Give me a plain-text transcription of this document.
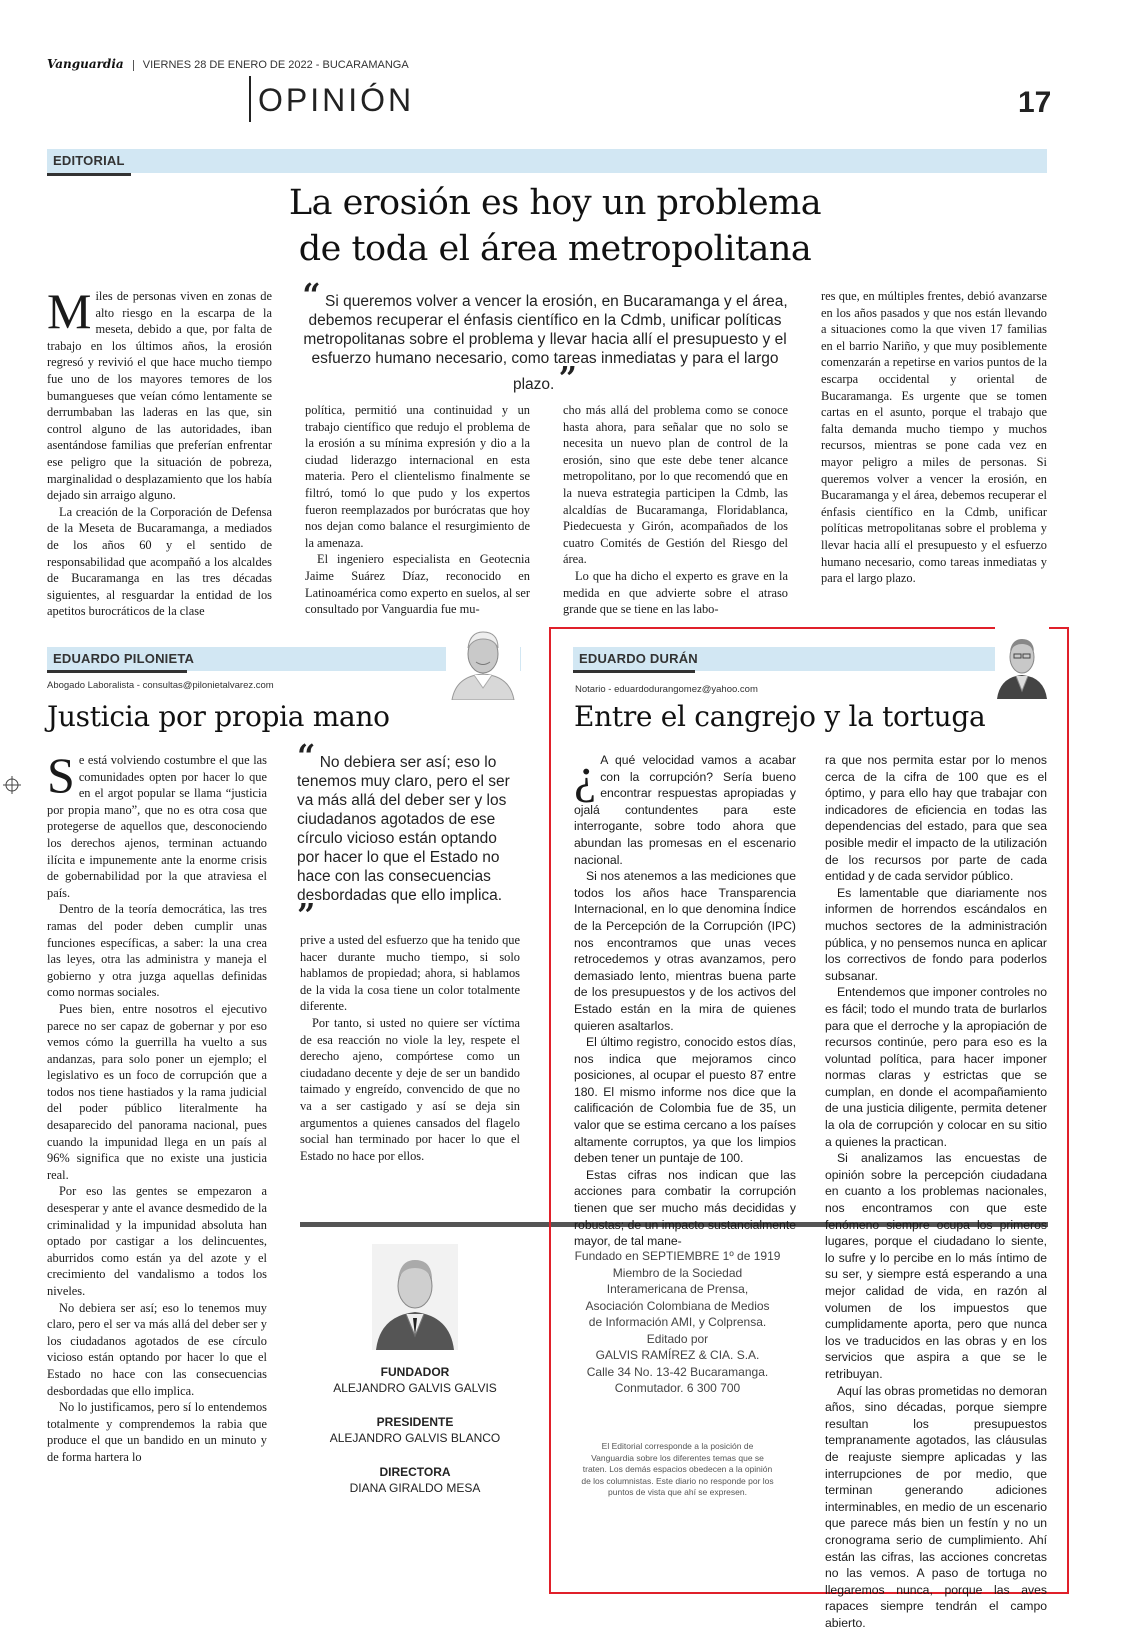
Vanguardia VIERNES 28 DE ENERO DE 2022 - BUCARAMANGA
OPINIÓN	17
EDITORIAL
La erosión es hoy un problema
de toda el área metropolitana

Miles de personas viven en zonas de alto riesgo en la escarpa de la meseta, debido a que, por falta de trabajo en los últimos años, la erosión regresó y revivió el que hace mucho tiempo fue uno de los mayores temores de los bumangueses que veían cómo lentamente se derrumbaban las laderas en las que, sin control alguno de las autoridades, iban asentándose familias que preferían enfrentar ese peligro que la situación de pobreza, marginalidad o desplazamiento que los había dejado sin arraigo alguno.

La creación de la Corporación de Defensa de la Meseta de Bucaramanga, a mediados de los años 60 y el sentido de responsabilidad que acompañó a los alcaldes de Bucaramanga en las tres décadas siguientes, al resguardar la entidad de los apetitos burocráticos de la clase

“ Si queremos volver a vencer la erosión, en Bucaramanga y el área, debemos recuperar el énfasis científico en la Cdmb, unificar políticas metropolitanas sobre el problema y llevar hacia allí el presupuesto y el esfuerzo humano necesario, como tareas inmediatas y para el largo plazo. ”

política, permitió una continuidad y un trabajo científico que redujo el problema de la erosión a su mínima expresión y dio a la ciudad liderazgo internacional en esta materia. Pero el clientelismo finalmente se filtró, tomó lo que pudo y los expertos fueron reemplazados por burócratas que hoy nos dejan como balance el resurgimiento de la amenaza.

El ingeniero especialista en Geotecnia Jaime Suárez Díaz, reconocido en Latinoamérica como experto en suelos, al ser consultado por Vanguardia fue mu-

cho más allá del problema como se conoce hasta ahora, para señalar que no solo se necesita un nuevo plan de control de la erosión, sino que este debe tener alcance metropolitano, por lo que recomendó que en la nueva estrategia participen la Cdmb, las alcaldías de Bucaramanga, Floridablanca, Piedecuesta y Girón, acompañados de los cuatro Comités de Gestión del Riesgo del área.

Lo que ha dicho el experto es grave en la medida en que advierte sobre el atraso grande que se tiene en las labo-

res que, en múltiples frentes, debió avanzarse en los años pasados y que nos están llevando a situaciones como la que viven 17 familias en el barrio Nariño, y que muy posiblemente comenzarán a repetirse en varios puntos de la escarpa occidental y oriental de Bucaramanga. Es urgente que se tomen cartas en el asunto, porque el trabajo que falta demanda mucho tiempo y muchos recursos, mientras se pone cada vez en mayor peligro a miles de personas. Si queremos volver a vencer la erosión, en Bucaramanga y el área, debemos recuperar el énfasis científico en la Cdmb, unificar políticas metropolitanas sobre el problema y llevar hacia allí el presupuesto y el esfuerzo humano necesario, como tareas inmediatas y para el largo plazo.

EDUARDO PILONIETA
Abogado Laboralista - consultas@pilonietalvarez.com
Justicia por propia mano

Se está volviendo costumbre el que las comunidades opten por hacer lo que en el argot popular se llama “justicia por propia mano”, que no es otra cosa que protegerse de aquellos que, desconociendo los derechos ajenos, terminan actuando ilícita e impunemente ante la enorme crisis de gobernabilidad por la que atraviesa el país.

Dentro de la teoría democrática, las tres ramas del poder deben cumplir unas funciones específicas, a saber: la una crea las leyes, otra las administra y maneja el gobierno y otra juzga aquellas definidas como normas sociales.

Pues bien, entre nosotros el ejecutivo parece no ser capaz de gobernar y por eso vemos cómo la guerrilla ha vuelto a sus andanzas, para solo poner un ejemplo; el legislativo es un foco de corrupción que a todos nos tiene hastiados y la rama judicial del poder público literalmente ha desaparecido del panorama nacional, pues cuando la impunidad llega en un país al 96% significa que no existe una justicia real.

Por eso las gentes se empezaron a desesperar y ante el avance desmedido de la criminalidad y la impunidad absoluta han optado por castigar a los delincuentes, aburridos como están ya del azote y el crecimiento del vandalismo a todos los niveles.

No debiera ser así; eso lo tenemos muy claro, pero el ser va más allá del deber ser y los ciudadanos agotados de ese círculo vicioso están optando por hacer lo que el Estado no hace con las consecuencias desbordadas que ello implica.

No lo justificamos, pero sí lo entendemos totalmente y comprendemos la rabia que produce el que un bandido en un minuto y de forma hartera lo

“ No debiera ser así; eso lo tenemos muy claro, pero el ser va más allá del deber ser y los ciudadanos agotados de ese círculo vicioso están optando por hacer lo que el Estado no hace con las consecuencias desbordadas que ello implica. ”

prive a usted del esfuerzo que ha tenido que hacer durante mucho tiempo, si solo hablamos de propiedad; ahora, si hablamos de la vida la cosa tiene un color totalmente diferente.

Por tanto, si usted no quiere ser víctima de esa reacción no viole la ley, respete el derecho ajeno, compórtese como un ciudadano decente y deje de ser un bandido taimado y engreído, convencido de que no va a ser castigado y así se deja sin argumentos a quienes cansados del flagelo social han terminado por hacer lo que el Estado no hace por ellos.

FUNDADOR
ALEJANDRO GALVIS GALVIS
PRESIDENTE
ALEJANDRO GALVIS BLANCO
DIRECTORA
DIANA GIRALDO MESA
Fundado en SEPTIEMBRE 1º de 1919
Miembro de la Sociedad
Interamericana de Prensa,
Asociación Colombiana de Medios
de Información AMI, y Colprensa.
Editado por
GALVIS RAMÍREZ & CIA. S.A.
Calle 34 No. 13-42 Bucaramanga.
Conmutador. 6 300 700
El Editorial corresponde a la posición de Vanguardia sobre los diferentes temas que se traten. Los demás espacios obedecen a la opinión de los columnistas. Este diario no responde por los puntos de vista que ahí se expresen.
EDUARDO DURÁN
Notario - eduardodurangomez@yahoo.com
Entre el cangrejo y la tortuga

¿ A qué velocidad vamos a acabar con la corrupción? Sería bueno encontrar respuestas apropiadas y ojalá contundentes para este interrogante, sobre todo ahora que abundan las promesas en el escenario nacional.

Si nos atenemos a las mediciones que todos los años hace Transparencia Internacional, en lo que denomina Índice de la Percepción de la Corrupción (IPC) nos encontramos que unas veces retrocedemos y otras avanzamos, pero demasiado lento, mientras buena parte de los presupuestos y de los activos del Estado están en la mira de quienes quieren asaltarlos.

El último registro, conocido estos días, nos indica que mejoramos cinco posiciones, al ocupar el puesto 87 entre 180. El mismo informe nos dice que la calificación de Colombia fue de 35, un valor que se estima cercano a los países altamente corruptos, ya que los limpios deben tener un puntaje de 100.

Estas cifras nos indican que las acciones para combatir la corrupción tienen que ser mucho más decididas y robustas; de un impacto sustancialmente mayor, de tal mane-

ra que nos permita estar por lo menos cerca de la cifra de 100 que es el óptimo, y para ello hay que trabajar con indicadores de eficiencia en todas las dependencias del estado, para que sea posible medir el impacto de la utilización de los recursos por parte de cada entidad y de cada servidor público.

Es lamentable que diariamente nos informen de horrendos escándalos en muchos sectores de la administración pública, y no pensemos nunca en aplicar los correctivos de fondo para poderlos subsanar.

Entendemos que imponer controles no es fácil; todo el mundo trata de burlarlos para que el derroche y la apropiación de recursos continúe, pero para eso es la voluntad política, para hacer imponer normas claras y estrictas que se cumplan, en donde el acompañamiento de una justicia diligente, permita detener la ola de corrupción y colocar en su sitio a quienes la practican.

Si analizamos las encuestas de opinión sobre la percepción ciudadana en cuanto a los problemas nacionales, nos encontramos con que este fenómeno siempre ocupa los primeros lugares, porque el ciudadano lo siente, lo sufre y lo percibe en lo más íntimo de su ser, y siempre está esperando a una mejor calidad de vida, en razón al volumen de los impuestos que cumplidamente aporta, pero que nunca los ve traducidos en las obras y en los servicios que aspira a que se le retribuyan.

Aquí las obras prometidas no demoran años, sino décadas, porque siempre resultan los presupuestos tempranamente agotados, las cláusulas de reajuste siempre aplicadas y las interrupciones de por medio, que terminan generando adiciones interminables, en medio de un escenario que parece más bien un festín y no un cronograma serio de cumplimiento. Ahí están las cifras, las acciones concretas no las vemos. A paso de tortuga no llegaremos nunca, porque las aves rapaces siempre tendrán el campo abierto.
